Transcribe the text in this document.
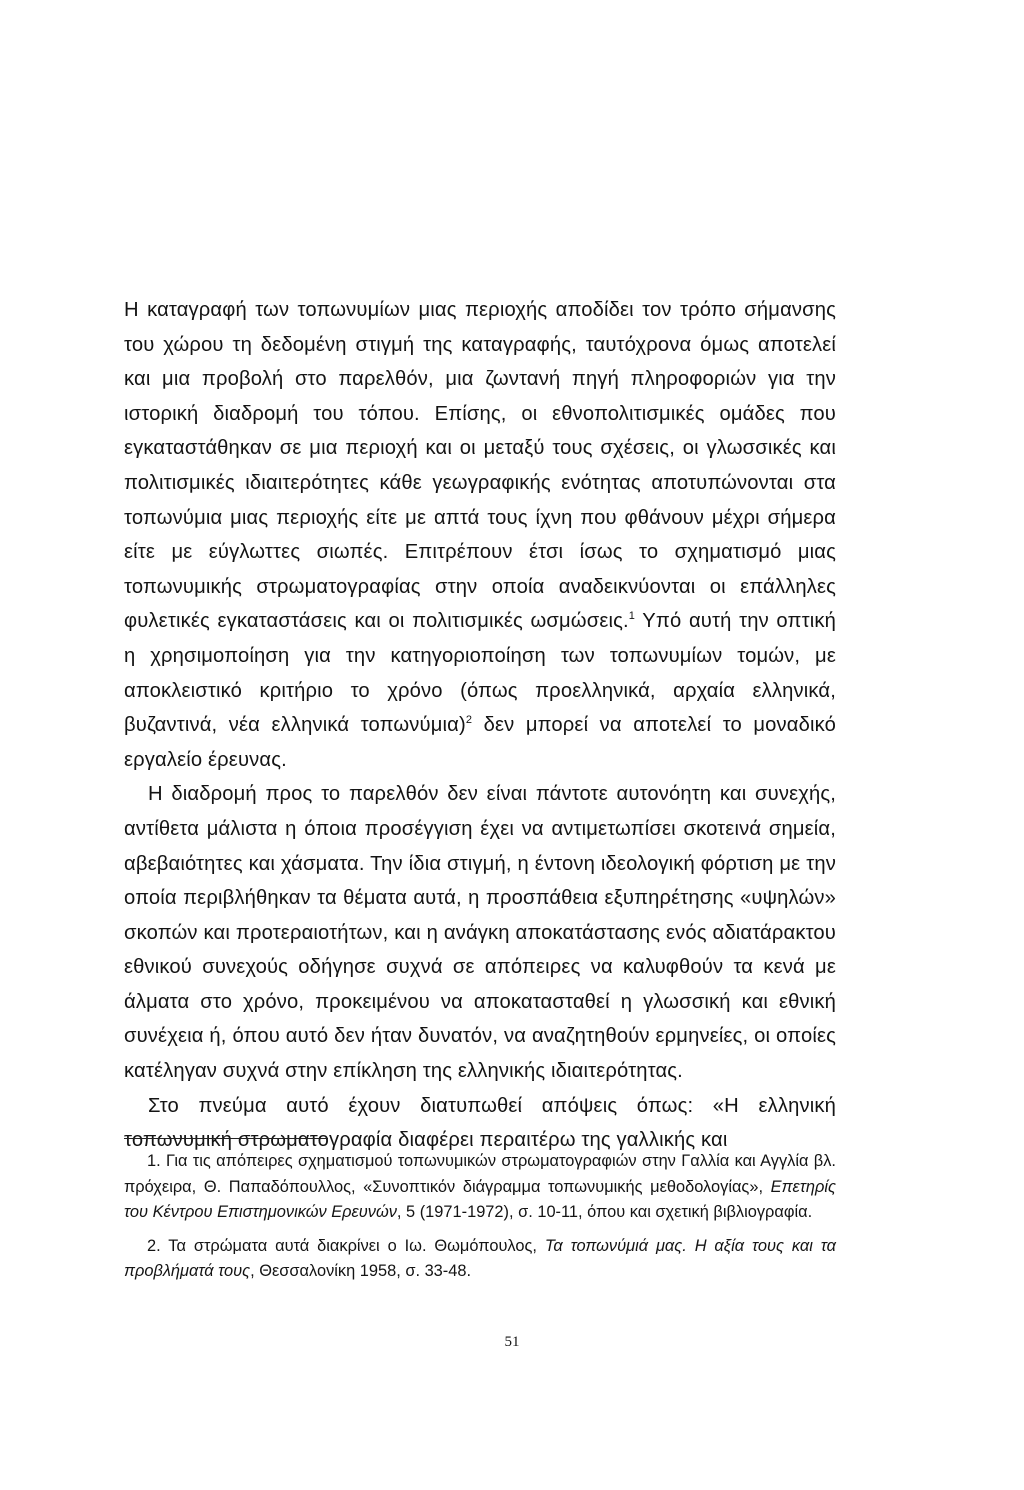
Η καταγραφή των τοπωνυμίων μιας περιοχής αποδίδει τον τρόπο σήμανσης του χώρου τη δεδομένη στιγμή της καταγραφής, ταυτόχρονα όμως αποτελεί και μια προβολή στο παρελθόν, μια ζωντανή πηγή πληροφοριών για την ιστορική διαδρομή του τόπου. Επίσης, οι εθνοπολιτισμικές ομάδες που εγκαταστάθηκαν σε μια περιοχή και οι μεταξύ τους σχέσεις, οι γλωσσικές και πολιτισμικές ιδιαιτερότητες κάθε γεωγραφικής ενότητας αποτυπώνονται στα τοπωνύμια μιας περιοχής είτε με απτά τους ίχνη που φθάνουν μέχρι σήμερα είτε με εύγλωττες σιωπές. Επιτρέπουν έτσι ίσως το σχηματισμό μιας τοπωνυμικής στρωματογραφίας στην οποία αναδεικνύονται οι επάλληλες φυλετικές εγκαταστάσεις και οι πολιτισμικές ωσμώσεις.$^1$ Υπό αυτή την οπτική η χρησιμοποίηση για την κατηγοριοποίηση των τοπωνυμίων τομών, με αποκλειστικό κριτήριο το χρόνο (όπως προελληνικά, αρχαία ελληνικά, βυζαντινά, νέα ελληνικά τοπωνύμια)$^2$ δεν μπορεί να αποτελεί το μοναδικό εργαλείο έρευνας.

Η διαδρομή προς το παρελθόν δεν είναι πάντοτε αυτονόητη και συνεχής, αντίθετα μάλιστα η όποια προσέγγιση έχει να αντιμετωπίσει σκοτεινά σημεία, αβεβαιότητες και χάσματα. Την ίδια στιγμή, η έντονη ιδεολογική φόρτιση με την οποία περιβλήθηκαν τα θέματα αυτά, η προσπάθεια εξυπηρέτησης «υψηλών» σκοπών και προτεραιοτήτων, και η ανάγκη αποκατάστασης ενός αδιατάρακτου εθνικού συνεχούς οδήγησε συχνά σε απόπειρες να καλυφθούν τα κενά με άλματα στο χρόνο, προκειμένου να αποκατασταθεί η γλωσσική και εθνική συνέχεια ή, όπου αυτό δεν ήταν δυνατόν, να αναζητηθούν ερμηνείες, οι οποίες κατέληγαν συχνά στην επίκληση της ελληνικής ιδιαιτερότητας.

Στο πνεύμα αυτό έχουν διατυπωθεί απόψεις όπως: «Η ελληνική τοπωνυμική στρωματογραφία διαφέρει περαιτέρω της γαλλικής και

1. Για τις απόπειρες σχηματισμού τοπωνυμικών στρωματογραφιών στην Γαλλία και Αγγλία βλ. πρόχειρα, Θ. Παπαδόπουλλος, «Συνοπτικόν διάγραμμα τοπωνυμικής μεθοδολογίας», Επετηρίς του Κέντρου Επιστημονικών Ερευνών, 5 (1971-1972), σ. 10-11, όπου και σχετική βιβλιογραφία.

2. Τα στρώματα αυτά διακρίνει ο Ιω. Θωμόπουλος, Τα τοπωνύμιά μας. Η αξία τους και τα προβλήματά τους, Θεσσαλονίκη 1958, σ. 33-48.

51
